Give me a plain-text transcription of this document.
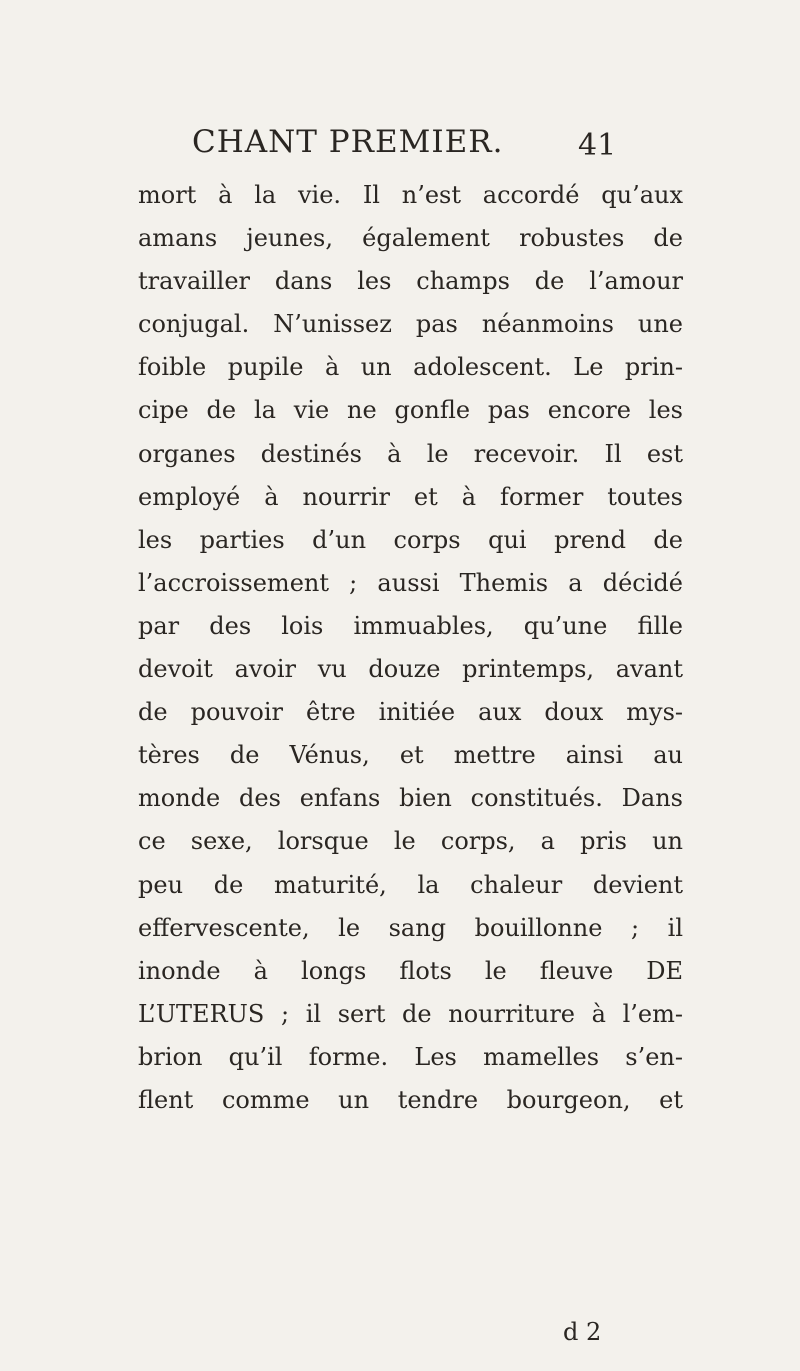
CHANT PREMIER. 41
mort à la vie. Il n’est accordé qu’aux
amans jeunes, également robustes de
travailler dans les champs de l’amour
conjugal. N’unissez pas néanmoins une
foible pupile à un adolescent. Le prin-
cipe de la vie ne gonfle pas encore les
organes destinés à le recevoir. Il est
employé à nourrir et à former toutes
les parties d’un corps qui prend de
l’accroissement ; aussi Themis a décidé
par des lois immuables, qu’une fille
devoit avoir vu douze printemps, avant
de pouvoir être initiée aux doux mys-
tères de Vénus, et mettre ainsi au
monde des enfans bien constitués. Dans
ce sexe, lorsque le corps, a pris un
peu de maturité, la chaleur devient
effervescente, le sang bouillonne ; il
inonde à longs flots le fleuve DE
L’UTERUS ; il sert de nourriture à l’em-
brion qu’il forme. Les mamelles s’en-
flent comme un tendre bourgeon, et
d 2
